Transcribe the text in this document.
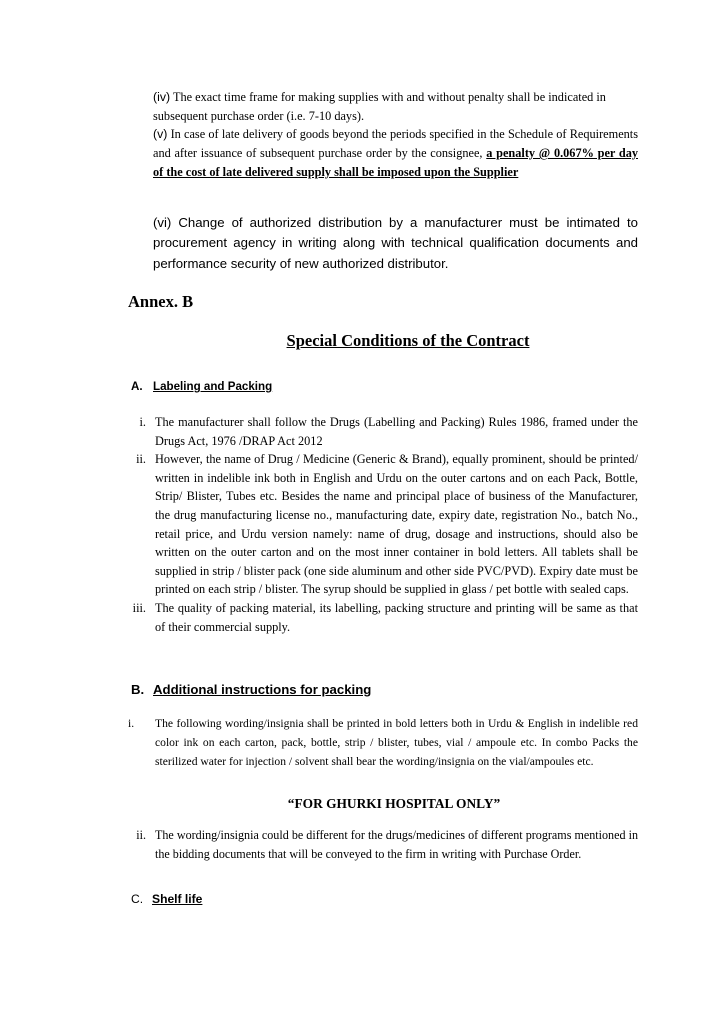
(iv) The exact time frame for making supplies with and without penalty shall be indicated in subsequent purchase order (i.e. 7-10 days).

(v) In case of late delivery of goods beyond the periods specified in the Schedule of Requirements and after issuance of subsequent purchase order by the consignee, a penalty @ 0.067% per day of the cost of late delivered supply shall be imposed upon the Supplier

(vi) Change of authorized distribution by a manufacturer must be intimated to procurement agency in writing along with technical qualification documents and performance security of new authorized distributor.

Annex. B
Special Conditions of the Contract
A. Labeling and Packing
i. The manufacturer shall follow the Drugs (Labelling and Packing) Rules 1986, framed under the Drugs Act, 1976 /DRAP Act 2012
ii. However, the name of Drug / Medicine (Generic & Brand), equally prominent, should be printed/ written in indelible ink both in English and Urdu on the outer cartons and on each Pack, Bottle, Strip/ Blister, Tubes etc. Besides the name and principal place of business of the Manufacturer, the drug manufacturing license no., manufacturing date, expiry date, registration No., batch No., retail price, and Urdu version namely: name of drug, dosage and instructions, should also be written on the outer carton and on the most inner container in bold letters. All tablets shall be supplied in strip / blister pack (one side aluminum and other side PVC/PVD). Expiry date must be printed on each strip / blister. The syrup should be supplied in glass / pet bottle with sealed caps.
iii. The quality of packing material, its labelling, packing structure and printing will be same as that of their commercial supply.
B. Additional instructions for packing
i.	The following wording/insignia shall be printed in bold letters both in Urdu & English in indelible red color ink on each carton, pack, bottle, strip / blister, tubes, vial / ampoule etc. In combo Packs the sterilized water for injection / solvent shall bear the wording/insignia on the vial/ampoules etc.
“FOR GHURKI HOSPITAL ONLY”
ii. The wording/insignia could be different for the drugs/medicines of different programs mentioned in the bidding documents that will be conveyed to the firm in writing with Purchase Order.
C. Shelf life
